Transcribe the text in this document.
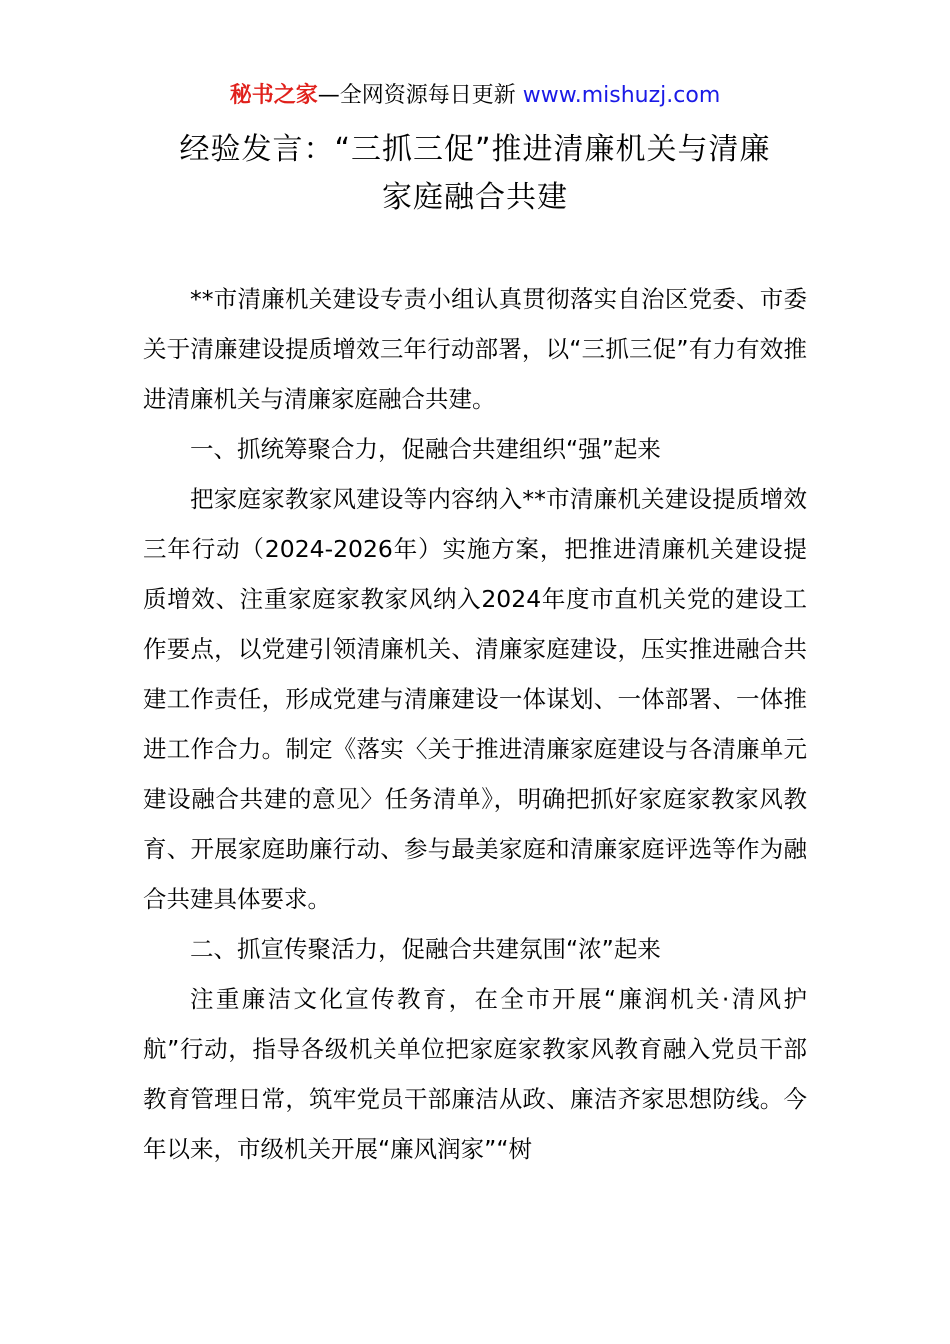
秘书之家—全网资源每日更新 www.mishuzj.com
经验发言：“三抓三促”推进清廉机关与清廉
家庭融合共建

**市清廉机关建设专责小组认真贯彻落实自治区党委、市委关于清廉建设提质增效三年行动部署，以“三抓三促”有力有效推进清廉机关与清廉家庭融合共建。

一、抓统筹聚合力，促融合共建组织“强”起来

把家庭家教家风建设等内容纳入**市清廉机关建设提质增效三年行动（2024-2026年）实施方案，把推进清廉机关建设提质增效、注重家庭家教家风纳入2024年度市直机关党的建设工作要点，以党建引领清廉机关、清廉家庭建设，压实推进融合共建工作责任，形成党建与清廉建设一体谋划、一体部署、一体推进工作合力。制定《落实〈关于推进清廉家庭建设与各清廉单元建设融合共建的意见〉任务清单》，明确把抓好家庭家教家风教育、开展家庭助廉行动、参与最美家庭和清廉家庭评选等作为融合共建具体要求。

二、抓宣传聚活力，促融合共建氛围“浓”起来

注重廉洁文化宣传教育，在全市开展“廉润机关·清风护航”行动，指导各级机关单位把家庭家教家风教育融入党员干部教育管理日常，筑牢党员干部廉洁从政、廉洁齐家思想防线。今年以来，市级机关开展“廉风润家”“树
